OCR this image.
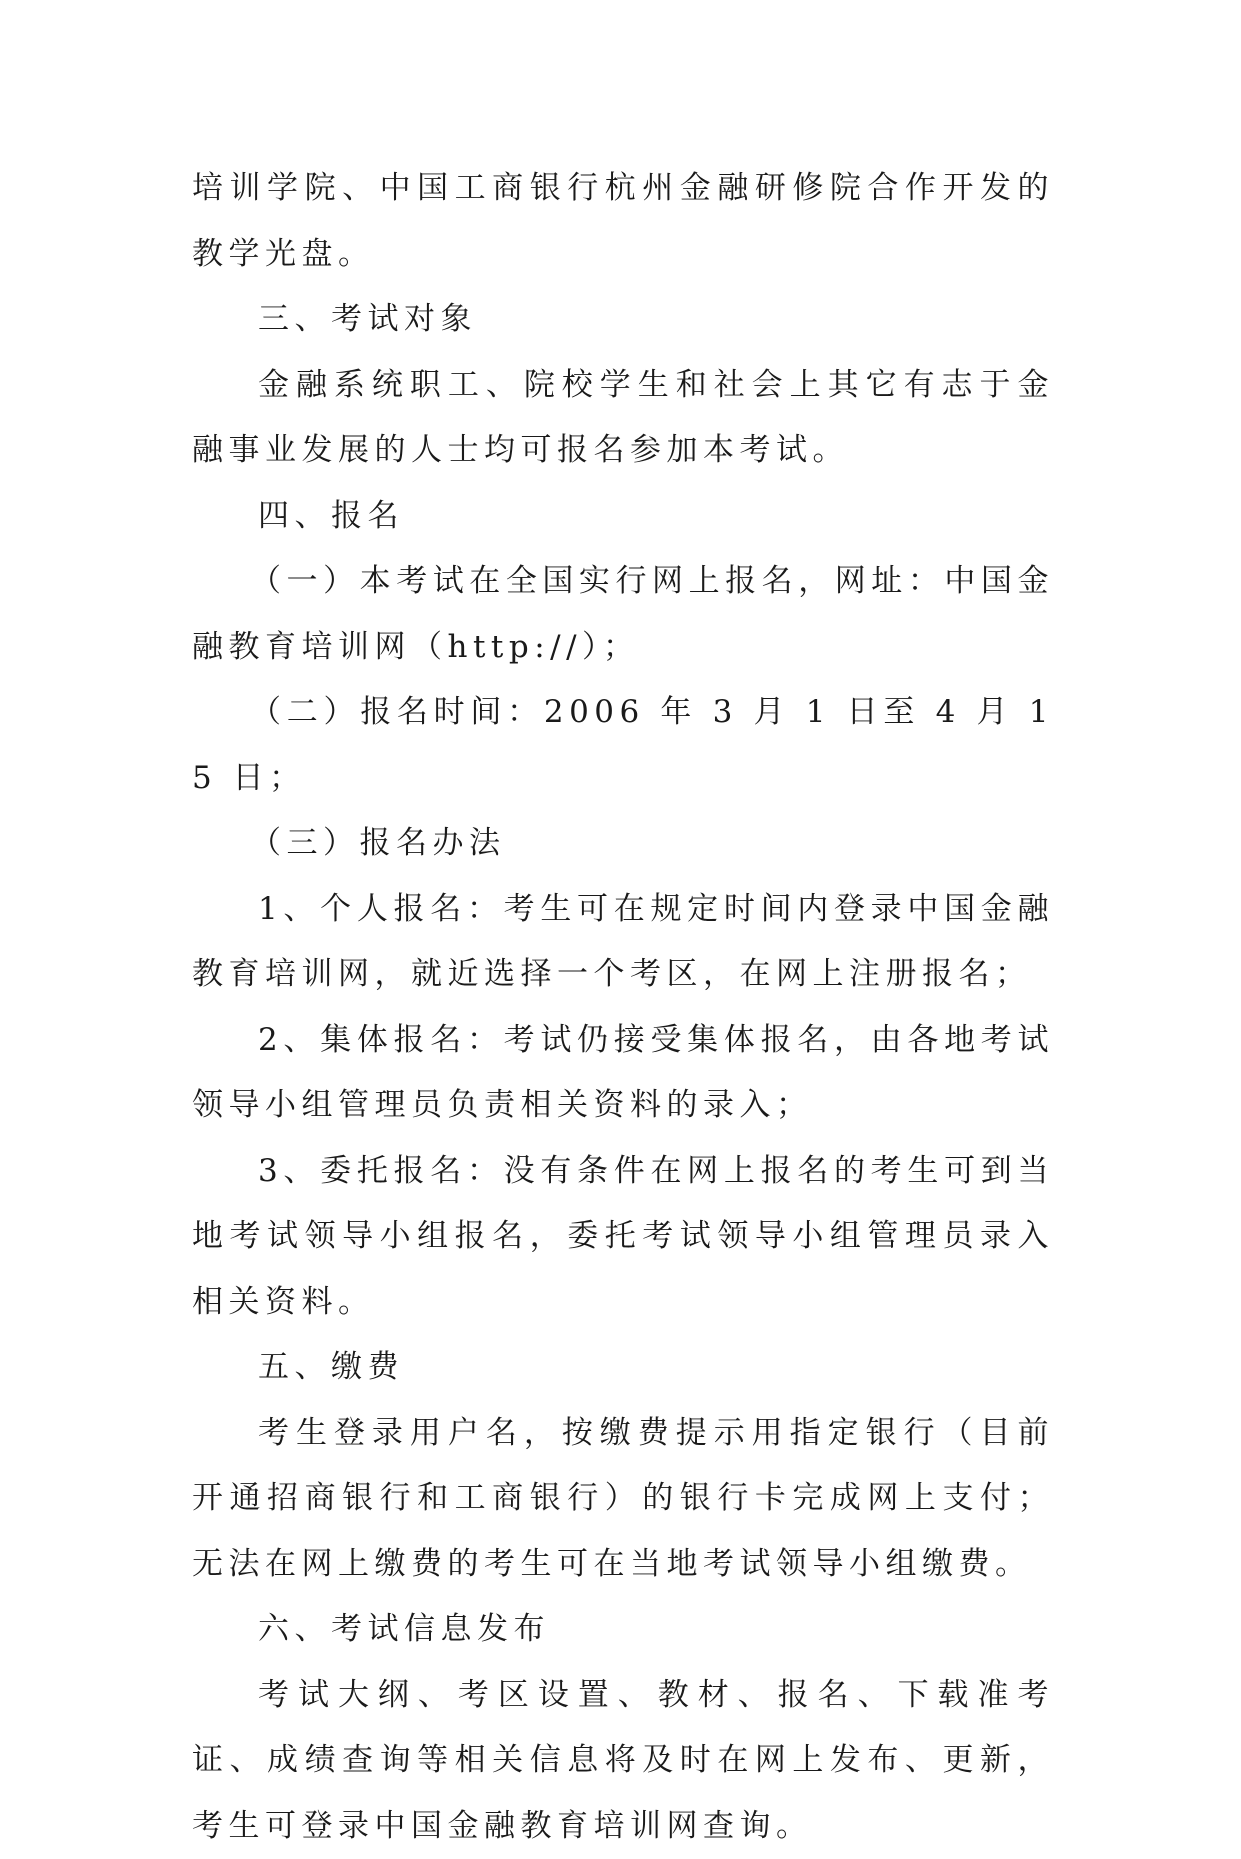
培训学院、中国工商银行杭州金融研修院合作开发的教学光盘。

三、考试对象

金融系统职工、院校学生和社会上其它有志于金融事业发展的人士均可报名参加本考试。

四、报名

（一）本考试在全国实行网上报名，网址：中国金融教育培训网（http://）；

（二）报名时间：2006 年 3 月 1 日至 4 月 15 日；

（三）报名办法

1、个人报名：考生可在规定时间内登录中国金融教育培训网，就近选择一个考区，在网上注册报名；

2、集体报名：考试仍接受集体报名，由各地考试领导小组管理员负责相关资料的录入；

3、委托报名：没有条件在网上报名的考生可到当地考试领导小组报名，委托考试领导小组管理员录入相关资料。

五、缴费

考生登录用户名，按缴费提示用指定银行（目前开通招商银行和工商银行）的银行卡完成网上支付；无法在网上缴费的考生可在当地考试领导小组缴费。

六、考试信息发布

考试大纲、考区设置、教材、报名、下载准考证、成绩查询等相关信息将及时在网上发布、更新，考生可登录中国金融教育培训网查询。
